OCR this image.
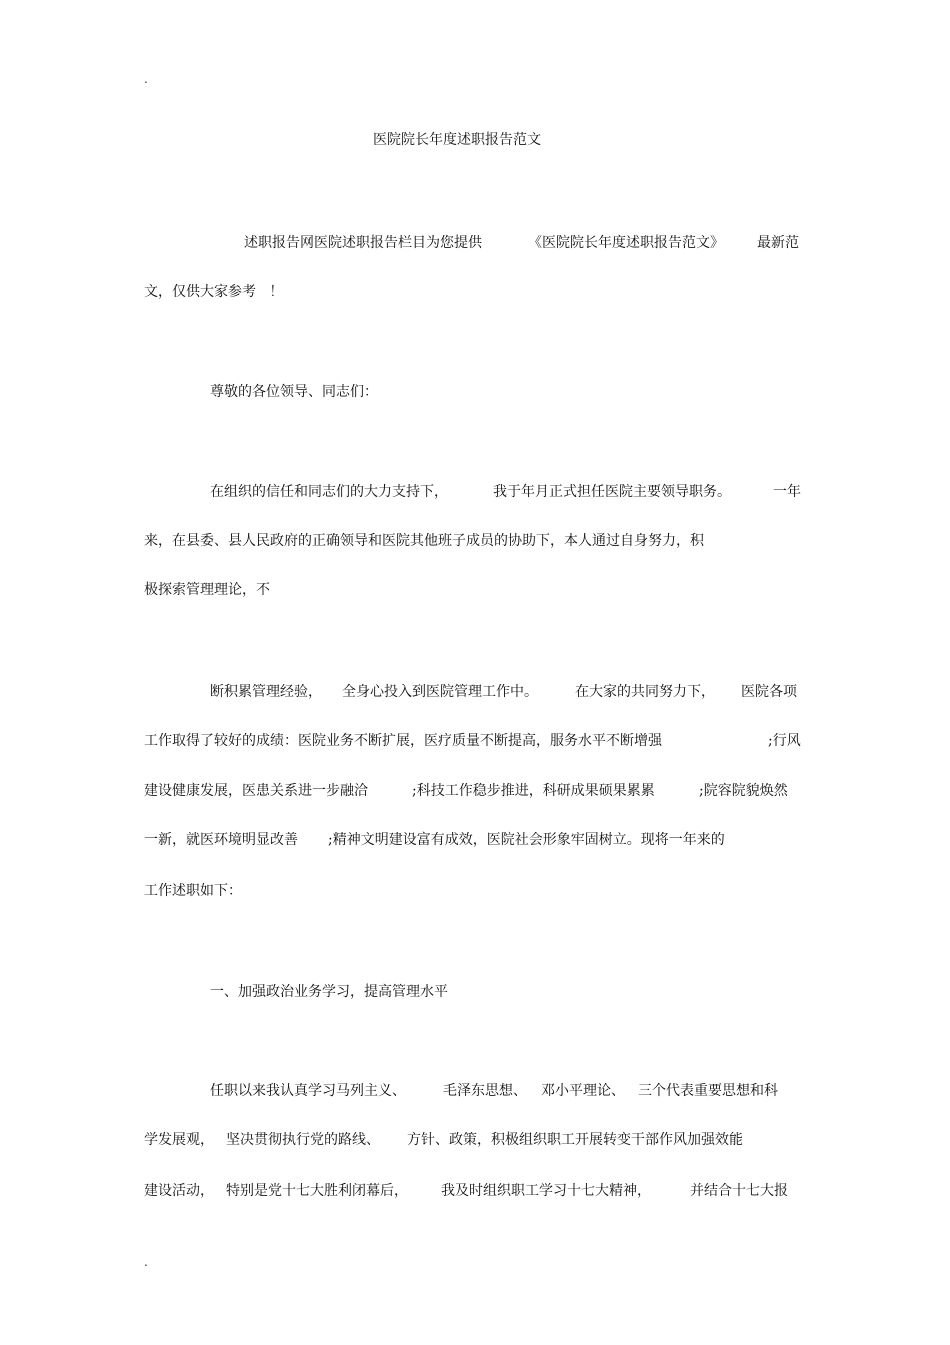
.
医院院长年度述职报告范文
述职报告网医院述职报告栏目为您提供	《医院院长年度述职报告范文》 最新范
文，仅供大家参考   ！
尊敬的各位领导、同志们：
在组织的信任和同志们的大力支持下，	我于年月正式担任医院主要领导职务。	一年
来，在县委、县人民政府的正确领导和医院其他班子成员的协助下，本人通过自身努力，积
极探索管理理论，不
断积累管理经验， 全身心投入到医院管理工作中。	在大家的共同努力下， 医院各项
工作取得了较好的成绩：医院业务不断扩展，医疗质量不断提高，服务水平不断增强	;行风
建设健康发展，医患关系进一步融洽	;科技工作稳步推进，科研成果硕果累累	;院容院貌焕然
一新，就医环境明显改善 ;精神文明建设富有成效，医院社会形象牢固树立。现将一年来的
工作述职如下：
一、加强政治业务学习，提高管理水平
任职以来我认真学习马列主义、	毛泽东思想、 邓小平理论、 三个代表重要思想和科
学发展观， 坚决贯彻执行党的路线、 方针、政策，积极组织职工开展转变干部作风加强效能
建设活动， 特别是党十七大胜利闭幕后， 我及时组织职工学习十七大精神，	并结合十七大报
.
